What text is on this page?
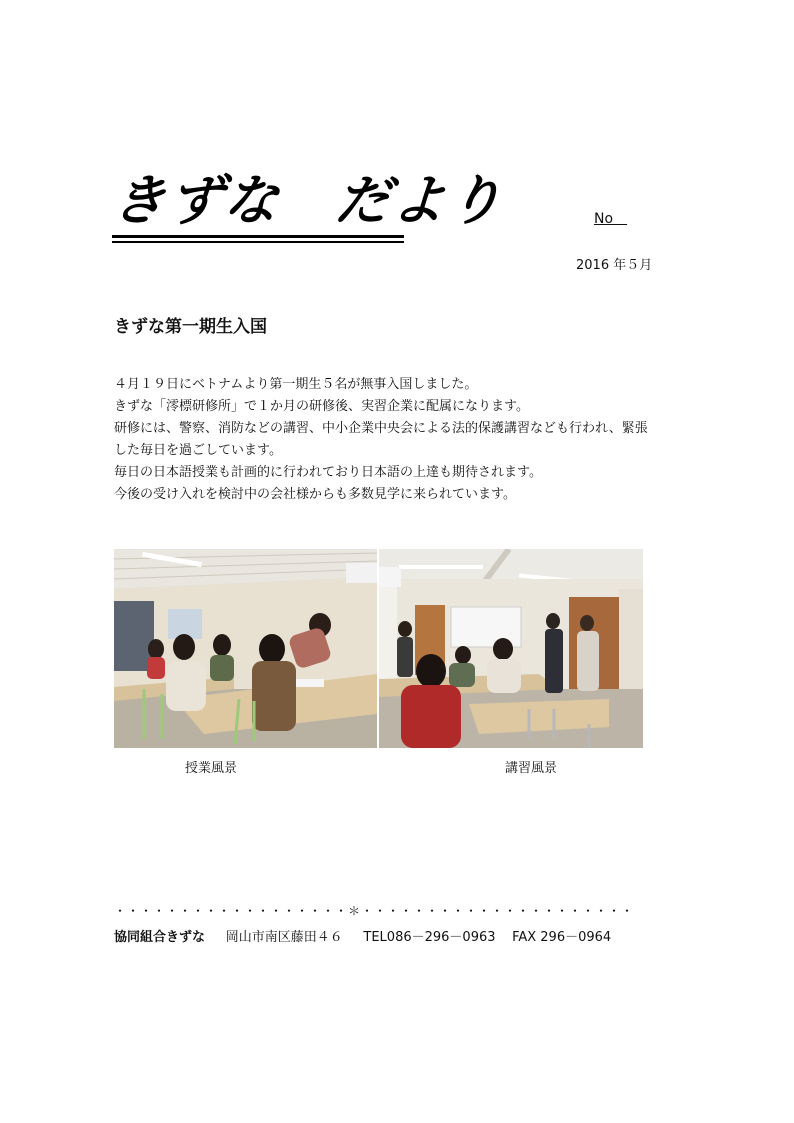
きずな　だより	No　
2016 年５月
きずな第一期生入国
４月１９日にベトナムより第一期生５名が無事入国しました。
きずな「澪標研修所」で１か月の研修後、実習企業に配属になります。
研修には、警察、消防などの講習、中小企業中央会による法的保護講習なども行われ、緊張
した毎日を過ごしています。
毎日の日本語授業も計画的に行われており日本語の上達も期待されます。
今後の受け入れを検討中の会社様からも多数見学に来られています。
授業風景	講習風景
・・・・・・・・・・・・・・・・・・＊・・・・・・・・・・・・・・・・・・・・・
協同組合きずな 岡山市南区藤田４６ TEL086－296－0963 FAX 296－0964
